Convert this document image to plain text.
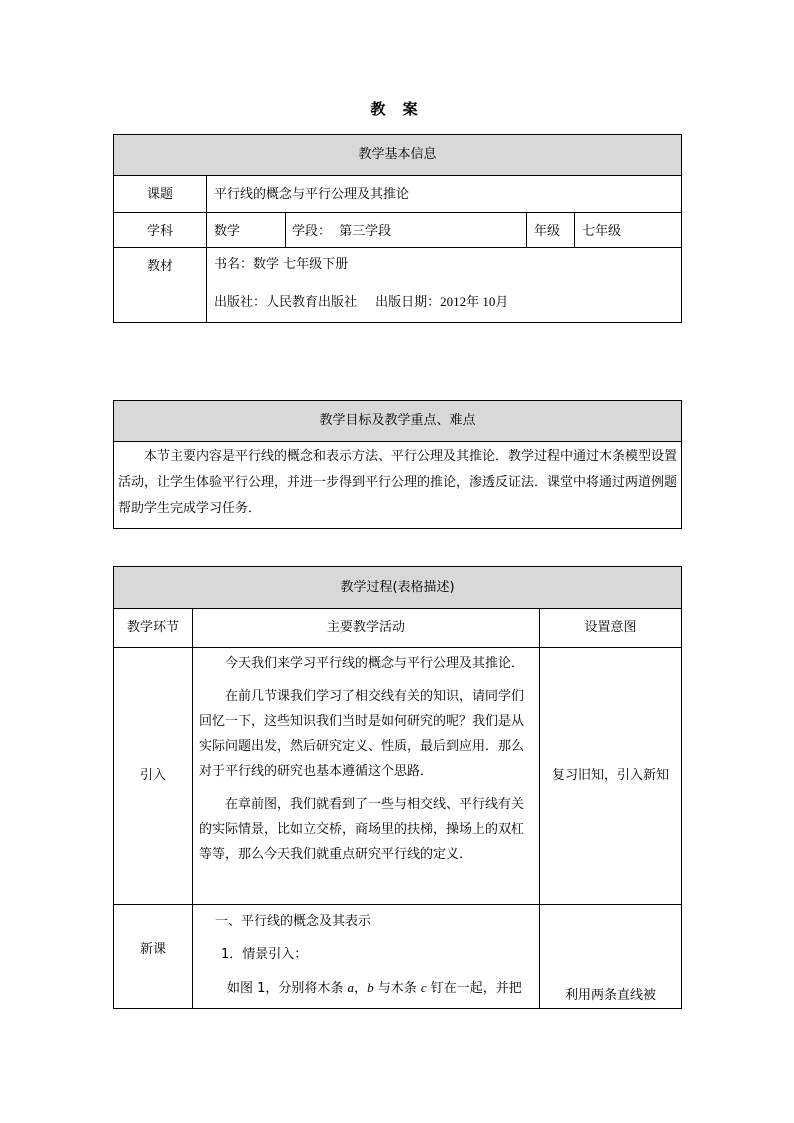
教 案
教学基本信息				
课题	平行线的概念与平行公理及其推论			
学科	数学	学段： 第三学段	年级	七年级
教材	书名：数学 七年级下册
出版社：人民教育出版社 出版日期：2012年 10月			
教学目标及教学重点、难点

本节主要内容是平行线的概念和表示方法、平行公理及其推论．教学过程中通过木条模型设置活动，让学生体验平行公理，并进一步得到平行公理的推论，渗透反证法．课堂中将通过两道例题帮助学生完成学习任务．

教学过程(表格描述)		
教学环节	主要教学活动	设置意图
引入	今天我们来学习平行线的概念与平行公理及其推论．

在前几节课我们学习了相交线有关的知识，请同学们回忆一下，这些知识我们当时是如何研究的呢？我们是从实际问题出发，然后研究定义、性质，最后到应用．那么对于平行线的研究也基本遵循这个思路．

在章前图，我们就看到了一些与相交线、平行线有关的实际情景，比如立交桥，商场里的扶梯，操场上的双杠等等，那么今天我们就重点研究平行线的定义．	复习旧知，引入新知
新课	一、平行线的概念及其表示
1．情景引入：
如图 1，分别将木条 a，b 与木条 c 钉在一起，并把	利用两条直线被
